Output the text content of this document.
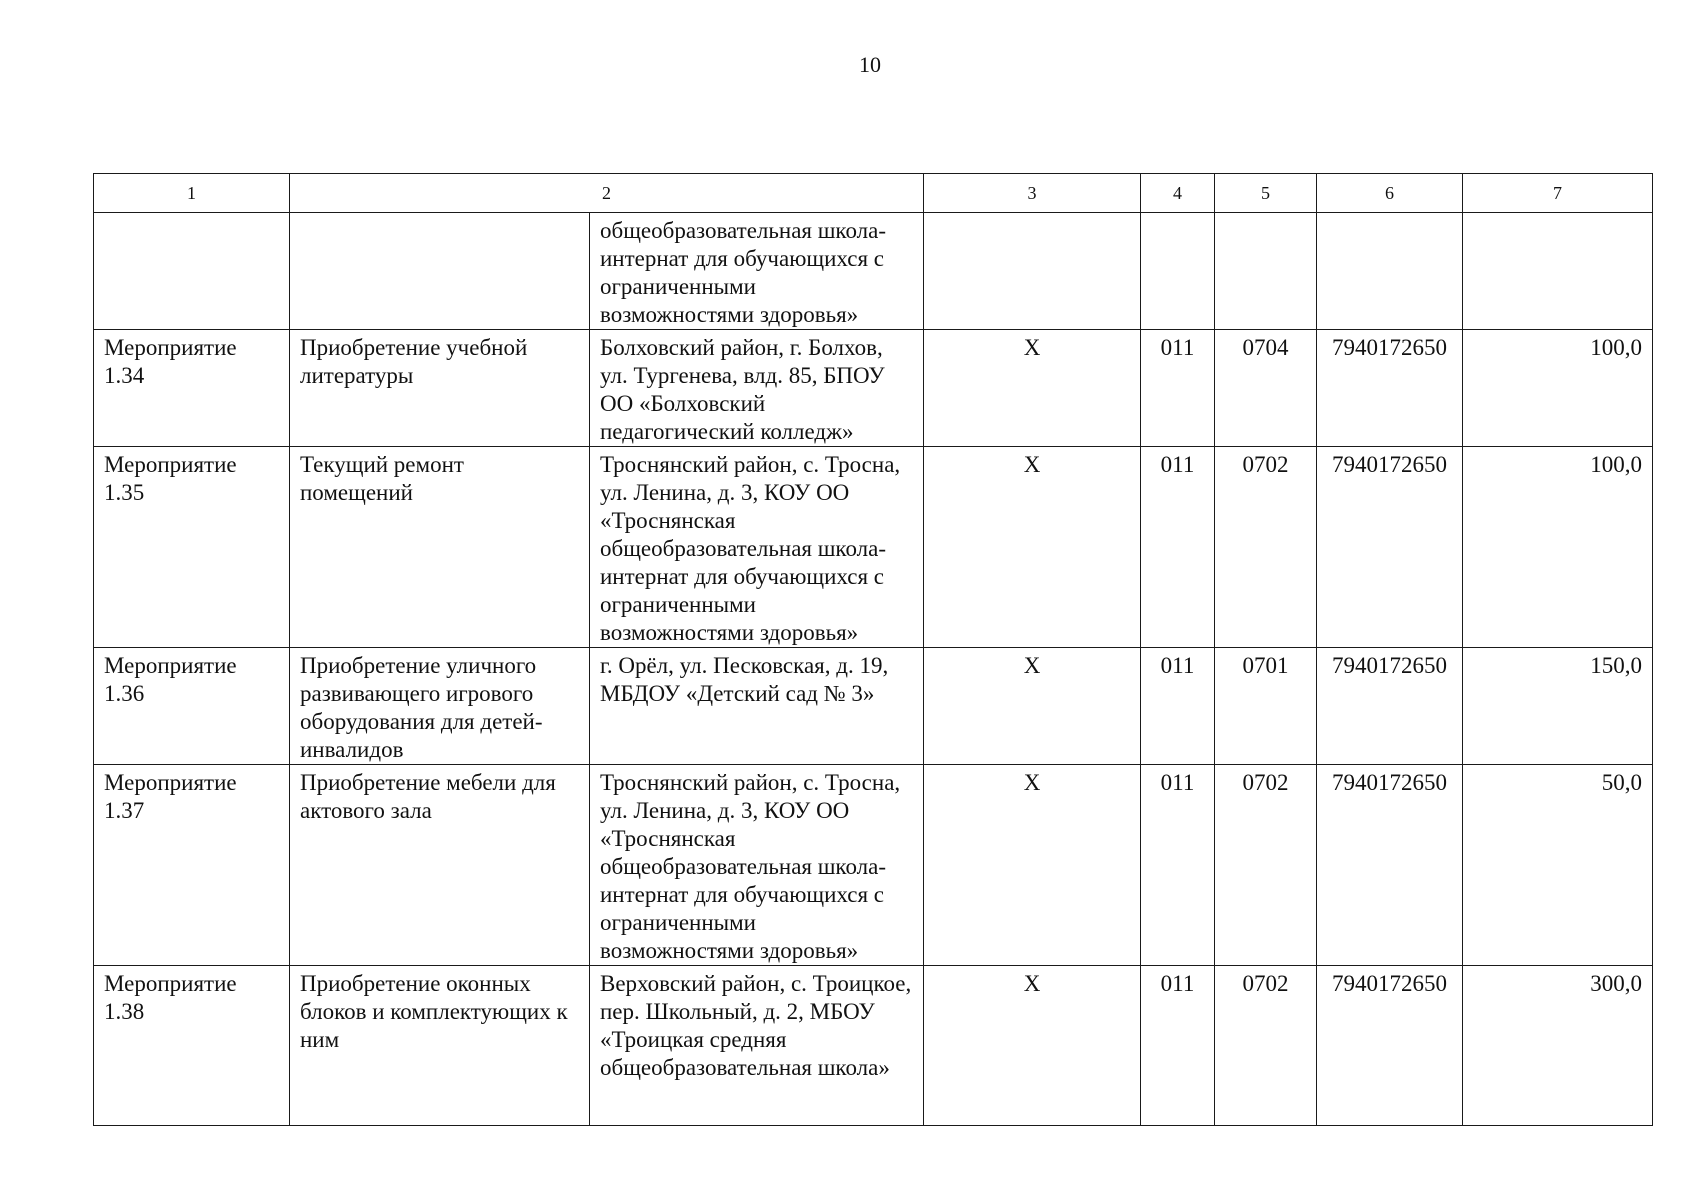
10
1	2		3	4	5	6	7
		общеобразовательная школа-интернат для обучающихся с ограниченными возможностями здоровья»					
Мероприятие 1.34	Приобретение учебной литературы	Болховский район, г. Болхов, ул. Тургенева, влд. 85, БПОУ ОО «Болховский педагогический колледж»	X	011	0704	7940172650	100,0
Мероприятие 1.35	Текущий ремонт помещений	Троснянский район, с. Тросна, ул. Ленина, д. 3, КОУ ОО «Троснянская общеобразовательная школа-интернат для обучающихся с ограниченными возможностями здоровья»	X	011	0702	7940172650	100,0
Мероприятие 1.36	Приобретение уличного развивающего игрового оборудования для детей-инвалидов	г. Орёл, ул. Песковская, д. 19, МБДОУ «Детский сад № 3»	X	011	0701	7940172650	150,0
Мероприятие 1.37	Приобретение мебели для актового зала	Троснянский район, с. Тросна, ул. Ленина, д. 3, КОУ ОО «Троснянская общеобразовательная школа-интернат для обучающихся с ограниченными возможностями здоровья»	X	011	0702	7940172650	50,0
Мероприятие 1.38	Приобретение оконных блоков и комплектующих к ним	Верховский район, с. Троицкое, пер. Школьный, д. 2, МБОУ «Троицкая средняя общеобразовательная школа»	X	011	0702	7940172650	300,0
